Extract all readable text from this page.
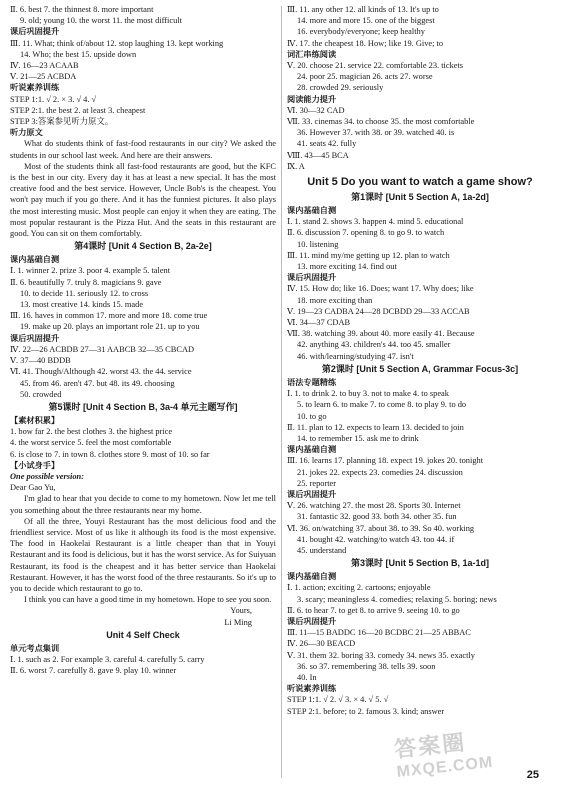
Ⅱ. 6. best 7. the thinnest 8. more important
9. old; young 10. the worst 11. the most difficult
课后巩固提升
Ⅲ. 11. What; think of/about 12. stop laughing 13. kept working
14. Who; the best 15. upside down
Ⅳ. 16—23 ACAAB
Ⅴ. 21—25 ACBDA
听说素养训练
STEP 1:1. √ 2. × 3. √ 4. √
STEP 2:1. the best 2. at least 3. cheapest
STEP 3:答案参见听力原文。
听力原文

What do students think of fast-food restaurants in our city? We asked the students in our school last week. And here are their answers.

Most of the students think all fast-food restaurants are good, but the KFC is the best in our city. Every day it has at least a new special. It has the most creative food and the best service. However, Uncle Bob's is the cheapest. You won't pay much if you go there. And it has the funniest pictures. It also plays the most interesting music. Most people can enjoy it when they are eating. The most popular restaurant is the Pizza Hut. And the seats in this restaurant are good. You can sit on them comfortably.

第4课时 [Unit 4 Section B, 2a-2e]
课内基础自测
Ⅰ. 1. winner 2. prize 3. poor 4. example 5. talent
Ⅱ. 6. beautifully 7. truly 8. magicians 9. gave
10. to decide 11. seriously 12. to cross
13. most creative 14. kinds 15. made
Ⅲ. 16. haves in common 17. more and more 18. come true
19. make up 20. plays an important role 21. up to you
课后巩固提升
Ⅳ. 22—26 ACBDB 27—31 AABCB 32—35 CBCAD
Ⅴ. 37—40 BDDB
Ⅵ. 41. Though/Although 42. worst 43. the 44. service
45. from 46. aren't 47. but 48. its 49. choosing
50. crowded
第5课时 [Unit 4 Section B, 3a-4 单元主题写作]
【素材积累】
1. bow far 2. the best clothes 3. the highest price
4. the worst service 5. feel the most comfortable
6. is close to 7. in town 8. clothes store 9. most of 10. so far
【小试身手】
One possible version:
Dear Gao Yu,

I'm glad to hear that you decide to come to my hometown. Now let me tell you something about the three restaurants near my home.

Of all the three, Youyi Restaurant has the most delicious food and the friendliest service. Most of us like it although its food is the most expensive. The food in Haokelai Restaurant is a little cheaper than that in Youyi Restaurant and its food is delicious, but it has the worst service. As for Suiyuan Restaurant, its food is the cheapest and it has better service than Haokelai Restaurant. However, it has the worst food of the three restaurants. So it's up to you to decide which restaurant to go to.

I think you can have a good time in my hometown. Hope to see you soon.

Yours,
Li Ming
Unit 4 Self Check
单元考点集训
Ⅰ. 1. such as 2. For example 3. careful 4. carefully 5. carry
Ⅱ. 6. worst 7. carefully 8. gave 9. play 10. winner
Ⅲ. 11. any other 12. all kinds of 13. It's up to
14. more and more 15. one of the biggest
16. everybody/everyone; keep healthy
Ⅳ. 17. the cheapest 18. How; like 19. Give; to
词汇串练阅读
Ⅴ. 20. choose 21. service 22. comfortable 23. tickets
24. poor 25. magician 26. acts 27. worse
28. crowded 29. seriously
阅读能力提升
Ⅵ. 30—32 CAD
Ⅶ. 33. cinemas 34. to choose 35. the most comfortable
36. However 37. with 38. or 39. watched 40. is
41. seats 42. fully
Ⅷ. 43—45 BCA
Ⅸ. A
Unit 5 Do you want to watch a game show?
第1课时 [Unit 5 Section A, 1a-2d]
课内基础自测
Ⅰ. 1. stand 2. shows 3. happen 4. mind 5. educational
Ⅱ. 6. discussion 7. opening 8. to go 9. to watch
10. listening
Ⅲ. 11. mind my/me getting up 12. plan to watch
13. more exciting 14. find out
课后巩固提升
Ⅳ. 15. How do; like 16. Does; want 17. Why does; like
18. more exciting than
Ⅴ. 19—23 CADBA 24—28 DCBDD 29—33 ACCAB
Ⅵ. 34—37 CDAB
Ⅶ. 38. watching 39. about 40. more easily 41. Because
42. anything 43. children's 44. too 45. smaller
46. with/learning/studying 47. isn't
第2课时 [Unit 5 Section A, Grammar Focus-3c]
语法专题精练
Ⅰ. 1. to drink 2. to buy 3. not to make 4. to speak
5. to learn 6. to make 7. to come 8. to play 9. to do
10. to go
Ⅱ. 11. plan to 12. expects to learn 13. decided to join
14. to remember 15. ask me to drink
课内基础自测
Ⅲ. 16. learns 17. planning 18. expect 19. jokes 20. tonight
21. jokes 22. expects 23. comedies 24. discussion
25. reporter
课后巩固提升
Ⅴ. 26. watching 27. the most 28. Sports 30. Internet
31. fantastic 32. good 33. both 34. other 35. fun
Ⅵ. 36. on/watching 37. about 38. to 39. So 40. working
41. bought 42. watching/to watch 43. too 44. if
45. understand
第3课时 [Unit 5 Section B, 1a-1d]
课内基础自测
Ⅰ. 1. action; exciting 2. cartoons; enjoyable
3. scary; meaningless 4. comedies; relaxing 5. boring; news
Ⅱ. 6. to hear 7. to get 8. to arrive 9. seeing 10. to go
课后巩固提升
Ⅲ. 11—15 BADDC 16—20 BCDBC 21—25 ABBAC
Ⅳ. 26—30 BEACD
Ⅴ. 31. them 32. boring 33. comedy 34. news 35. exactly
36. so 37. remembering 38. tells 39. soon
40. In
听说素养训练
STEP 1:1. √ 2. √ 3. × 4. √ 5. √
STEP 2:1. before; to 2. famous 3. kind; answer
答案圈
MXQE.COM	25
